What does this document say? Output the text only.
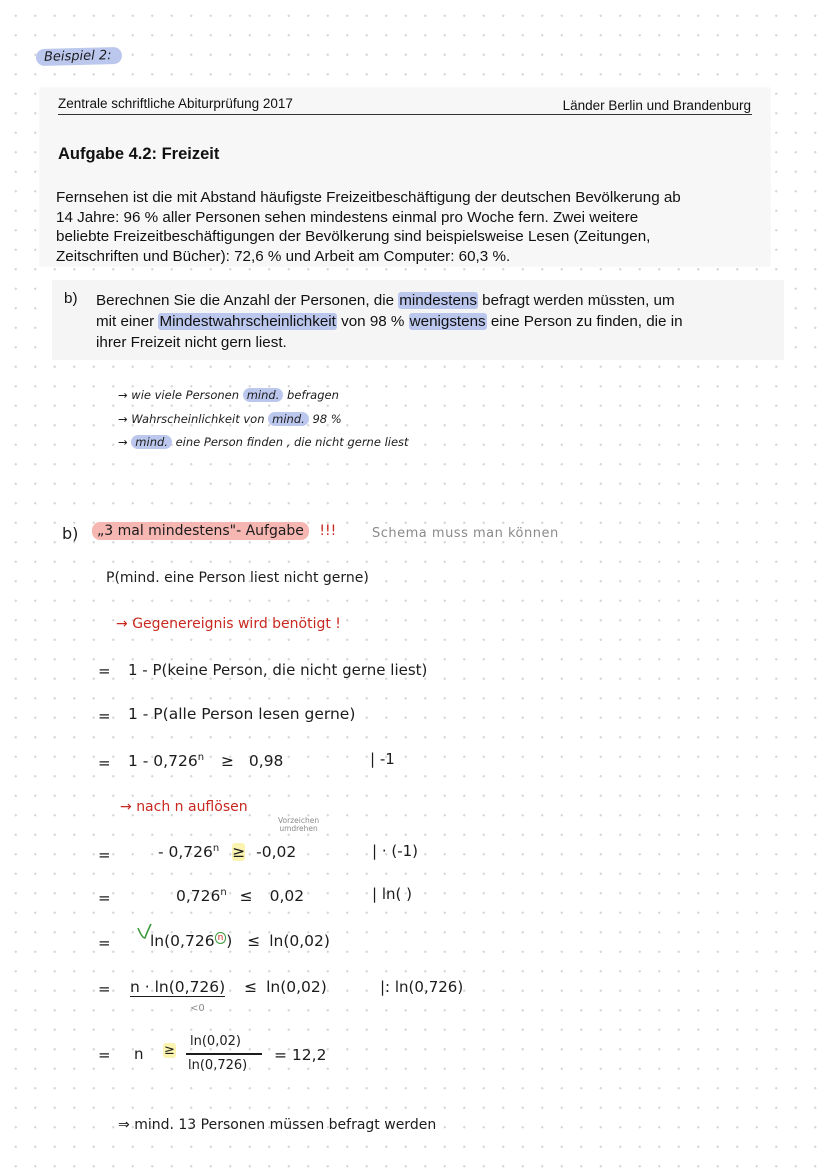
Beispiel 2:
Zentrale schriftliche Abiturprüfung 2017	Länder Berlin und Brandenburg
Aufgabe 4.2: Freizeit
Fernsehen ist die mit Abstand häufigste Freizeitbeschäftigung der deutschen Bevölkerung ab
14 Jahre: 96 % aller Personen sehen mindestens einmal pro Woche fern. Zwei weitere
beliebte Freizeitbeschäftigungen der Bevölkerung sind beispielsweise Lesen (Zeitungen,
Zeitschriften und Bücher): 72,6 % und Arbeit am Computer: 60,3 %.
b) Berechnen Sie die Anzahl der Personen, die mindestens befragt werden müssten, um
mit einer Mindestwahrscheinlichkeit von 98 % wenigstens eine Person zu finden, die in
ihrer Freizeit nicht gern liest.
→ wie viele Personen mind. befragen
→ Wahrscheinlichkeit von mind. 98 %
→ mind. eine Person finden , die nicht gerne liest
b)	„3 mal mindestens"- Aufgabe !!!	Schema muss man können
P(mind. eine Person liest nicht gerne)
→ Gegenereignis wird benötigt !
= 1 - P(keine Person, die nicht gerne liest)
= 1 - P(alle Person lesen gerne)
= $1 - 0,726^n \ge 0,98$	| -1
→ nach n auflösen
Vorzeichen
umdrehen
=	- $0,726^n \ge -0,02$	| · (-1)
=	$0,726^n \le 0,02$	| ln( )
=	ln(0,726 $^n$ ) ≤ ln(0,02)
= n · ln(0,726) ≤ ln(0,02)
<0
|: ln(0,726)
= n ≥
ln(0,02)
ln(0,726)
= 12,2
⇒ mind. 13 Personen müssen befragt werden
